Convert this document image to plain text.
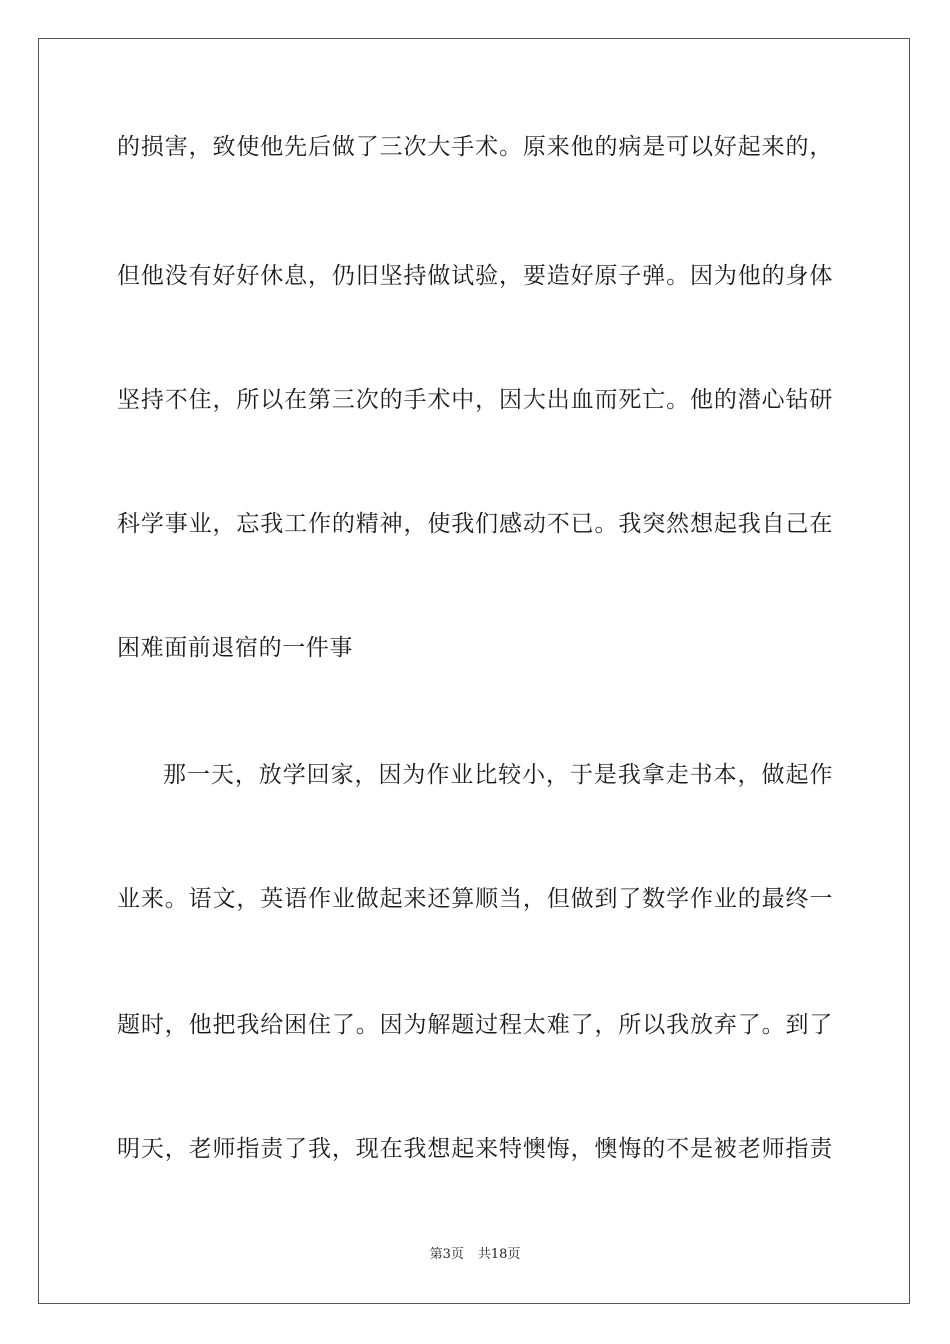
的损害，致使他先后做了三次大手术。原来他的病是可以好起来的，
但他没有好好休息，仍旧坚持做试验，要造好原子弹。因为他的身体
坚持不住，所以在第三次的手术中，因大出血而死亡。他的潜心钻研
科学事业，忘我工作的精神，使我们感动不已。我突然想起我自己在
困难面前退宿的一件事
那一天，放学回家，因为作业比较小，于是我拿走书本，做起作
业来。语文，英语作业做起来还算顺当，但做到了数学作业的最终一
题时，他把我给困住了。因为解题过程太难了，所以我放弃了。到了
明天，老师指责了我，现在我想起来特懊悔，懊悔的不是被老师指责
第3页 共18页
